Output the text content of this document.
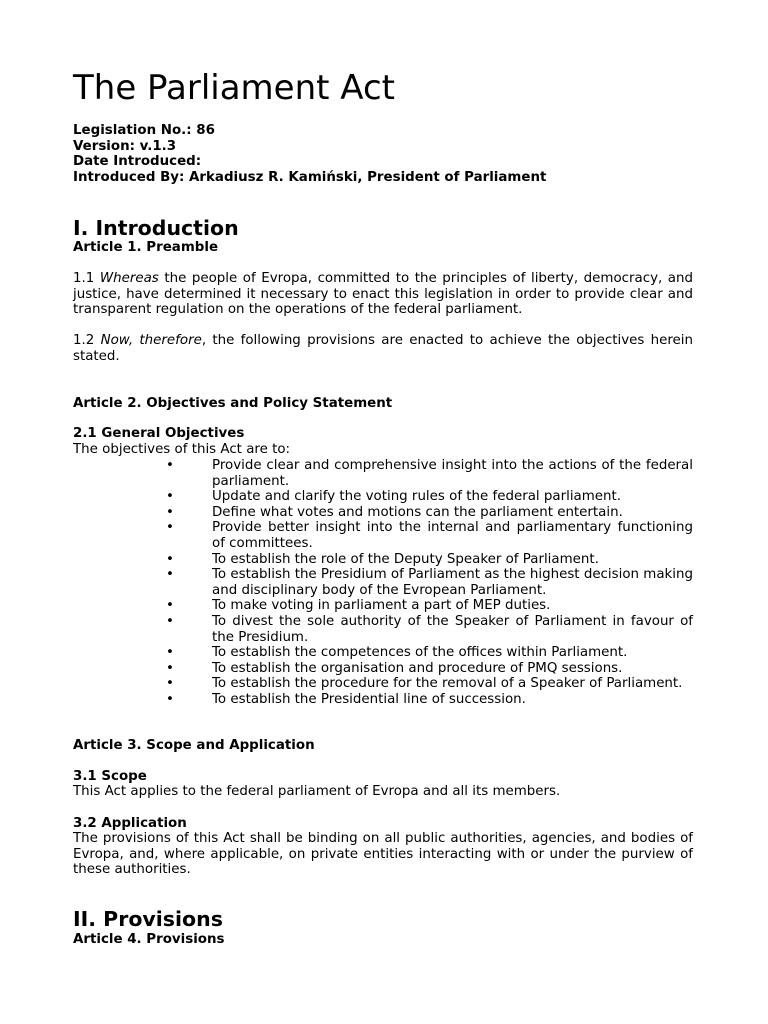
The Parliament Act
Legislation No.: 86
Version: v.1.3
Date Introduced:
Introduced By: Arkadiusz R. Kamiński, President of Parliament
I. Introduction
Article 1. Preamble
1.1 Whereas the people of Evropa, committed to the principles of liberty, democracy, and justice, have determined it necessary to enact this legislation in order to provide clear and transparent regulation on the operations of the federal parliament.
1.2 Now, therefore, the following provisions are enacted to achieve the objectives herein stated.
Article 2. Objectives and Policy Statement
2.1 General Objectives
The objectives of this Act are to:
•	Provide clear and comprehensive insight into the actions of the federal parliament.
•	Update and clarify the voting rules of the federal parliament.
•	Define what votes and motions can the parliament entertain.
•	Provide better insight into the internal and parliamentary functioning of committees.
•	To establish the role of the Deputy Speaker of Parliament.
•	To establish the Presidium of Parliament as the highest decision making and disciplinary body of the Evropean Parliament.
•	To make voting in parliament a part of MEP duties.
•	To divest the sole authority of the Speaker of Parliament in favour of the Presidium.
•	To establish the competences of the offices within Parliament.
•	To establish the organisation and procedure of PMQ sessions.
•	To establish the procedure for the removal of a Speaker of Parliament.
•	To establish the Presidential line of succession.
Article 3. Scope and Application
3.1 Scope
This Act applies to the federal parliament of Evropa and all its members.
3.2 Application
The provisions of this Act shall be binding on all public authorities, agencies, and bodies of Evropa, and, where applicable, on private entities interacting with or under the purview of these authorities.
II. Provisions
Article 4. Provisions
